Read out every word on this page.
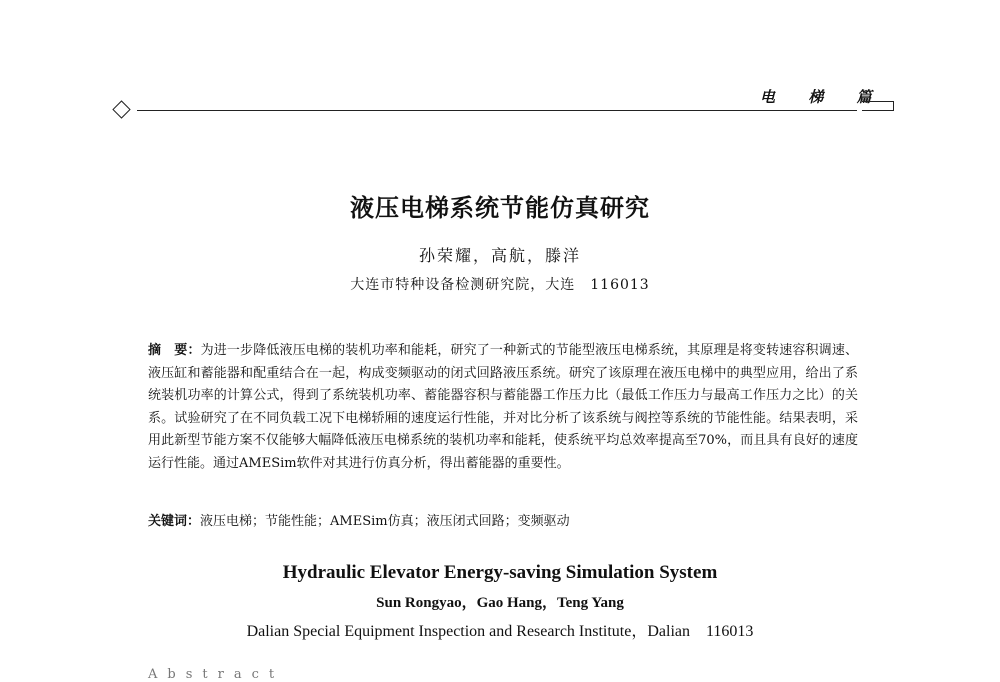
电 梯 篇
液压电梯系统节能仿真研究
孙荣耀，高航，滕洋
大连市特种设备检测研究院，大连　116013
摘　要：为进一步降低液压电梯的装机功率和能耗，研究了一种新式的节能型液压电梯系统，其原理是将变转速容积调速、液压缸和蓄能器和配重结合在一起，构成变频驱动的闭式回路液压系统。研究了该原理在液压电梯中的典型应用，给出了系统装机功率的计算公式，得到了系统装机功率、蓄能器容积与蓄能器工作压力比（最低工作压力与最高工作压力之比）的关系。试验研究了在不同负载工况下电梯轿厢的速度运行性能，并对比分析了该系统与阀控等系统的节能性能。结果表明，采用此新型节能方案不仅能够大幅降低液压电梯系统的装机功率和能耗，使系统平均总效率提高至70%，而且具有良好的速度运行性能。通过AMESim软件对其进行仿真分析，得出蓄能器的重要性。
关键词：液压电梯；节能性能；AMESim仿真；液压闭式回路；变频驱动
Hydraulic Elevator Energy-saving Simulation System
Sun Rongyao，Gao Hang，Teng Yang
Dalian Special Equipment Inspection and Research Institute，Dalian　116013
Abstract
